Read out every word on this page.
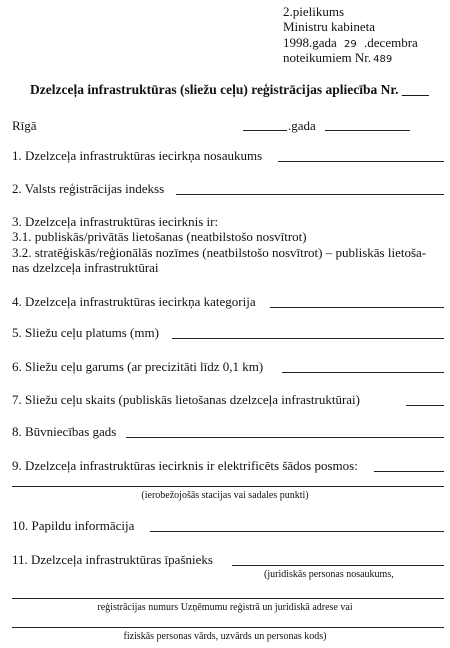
2.pielikums
Ministru kabineta
1998.gada 29 .decembra
noteikumiem Nr. 489
Dzelzceļa infrastruktūras (sliežu ceļu) reģistrācijas apliecība Nr. ____
Rīgā	.gada
1. Dzelzceļa infrastruktūras iecirkņa nosaukums
2. Valsts reģistrācijas indekss
3. Dzelzceļa infrastruktūras iecirknis ir:
3.1. publiskās/privātās lietošanas (neatbilstošo nosvītrot)
3.2. stratēģiskās/reģionālās nozīmes (neatbilstošo nosvītrot) – publiskās lietoša-
nas dzelzceļa infrastruktūrai
4. Dzelzceļa infrastruktūras iecirkņa kategorija
5. Sliežu ceļu platums (mm)
6. Sliežu ceļu garums (ar precizitāti līdz 0,1 km)
7. Sliežu ceļu skaits (publiskās lietošanas dzelzceļa infrastruktūrai)
8. Būvniecības gads
9. Dzelzceļa infrastruktūras iecirknis ir elektrificēts šādos posmos:
(ierobežojošās stacijas vai sadales punkti)
10. Papildu informācija
11. Dzelzceļa infrastruktūras īpašnieks
(juridiskās personas nosaukums,
reģistrācijas numurs Uzņēmumu reģistrā un juridiskā adrese vai
fiziskās personas vārds, uzvārds un personas kods)
